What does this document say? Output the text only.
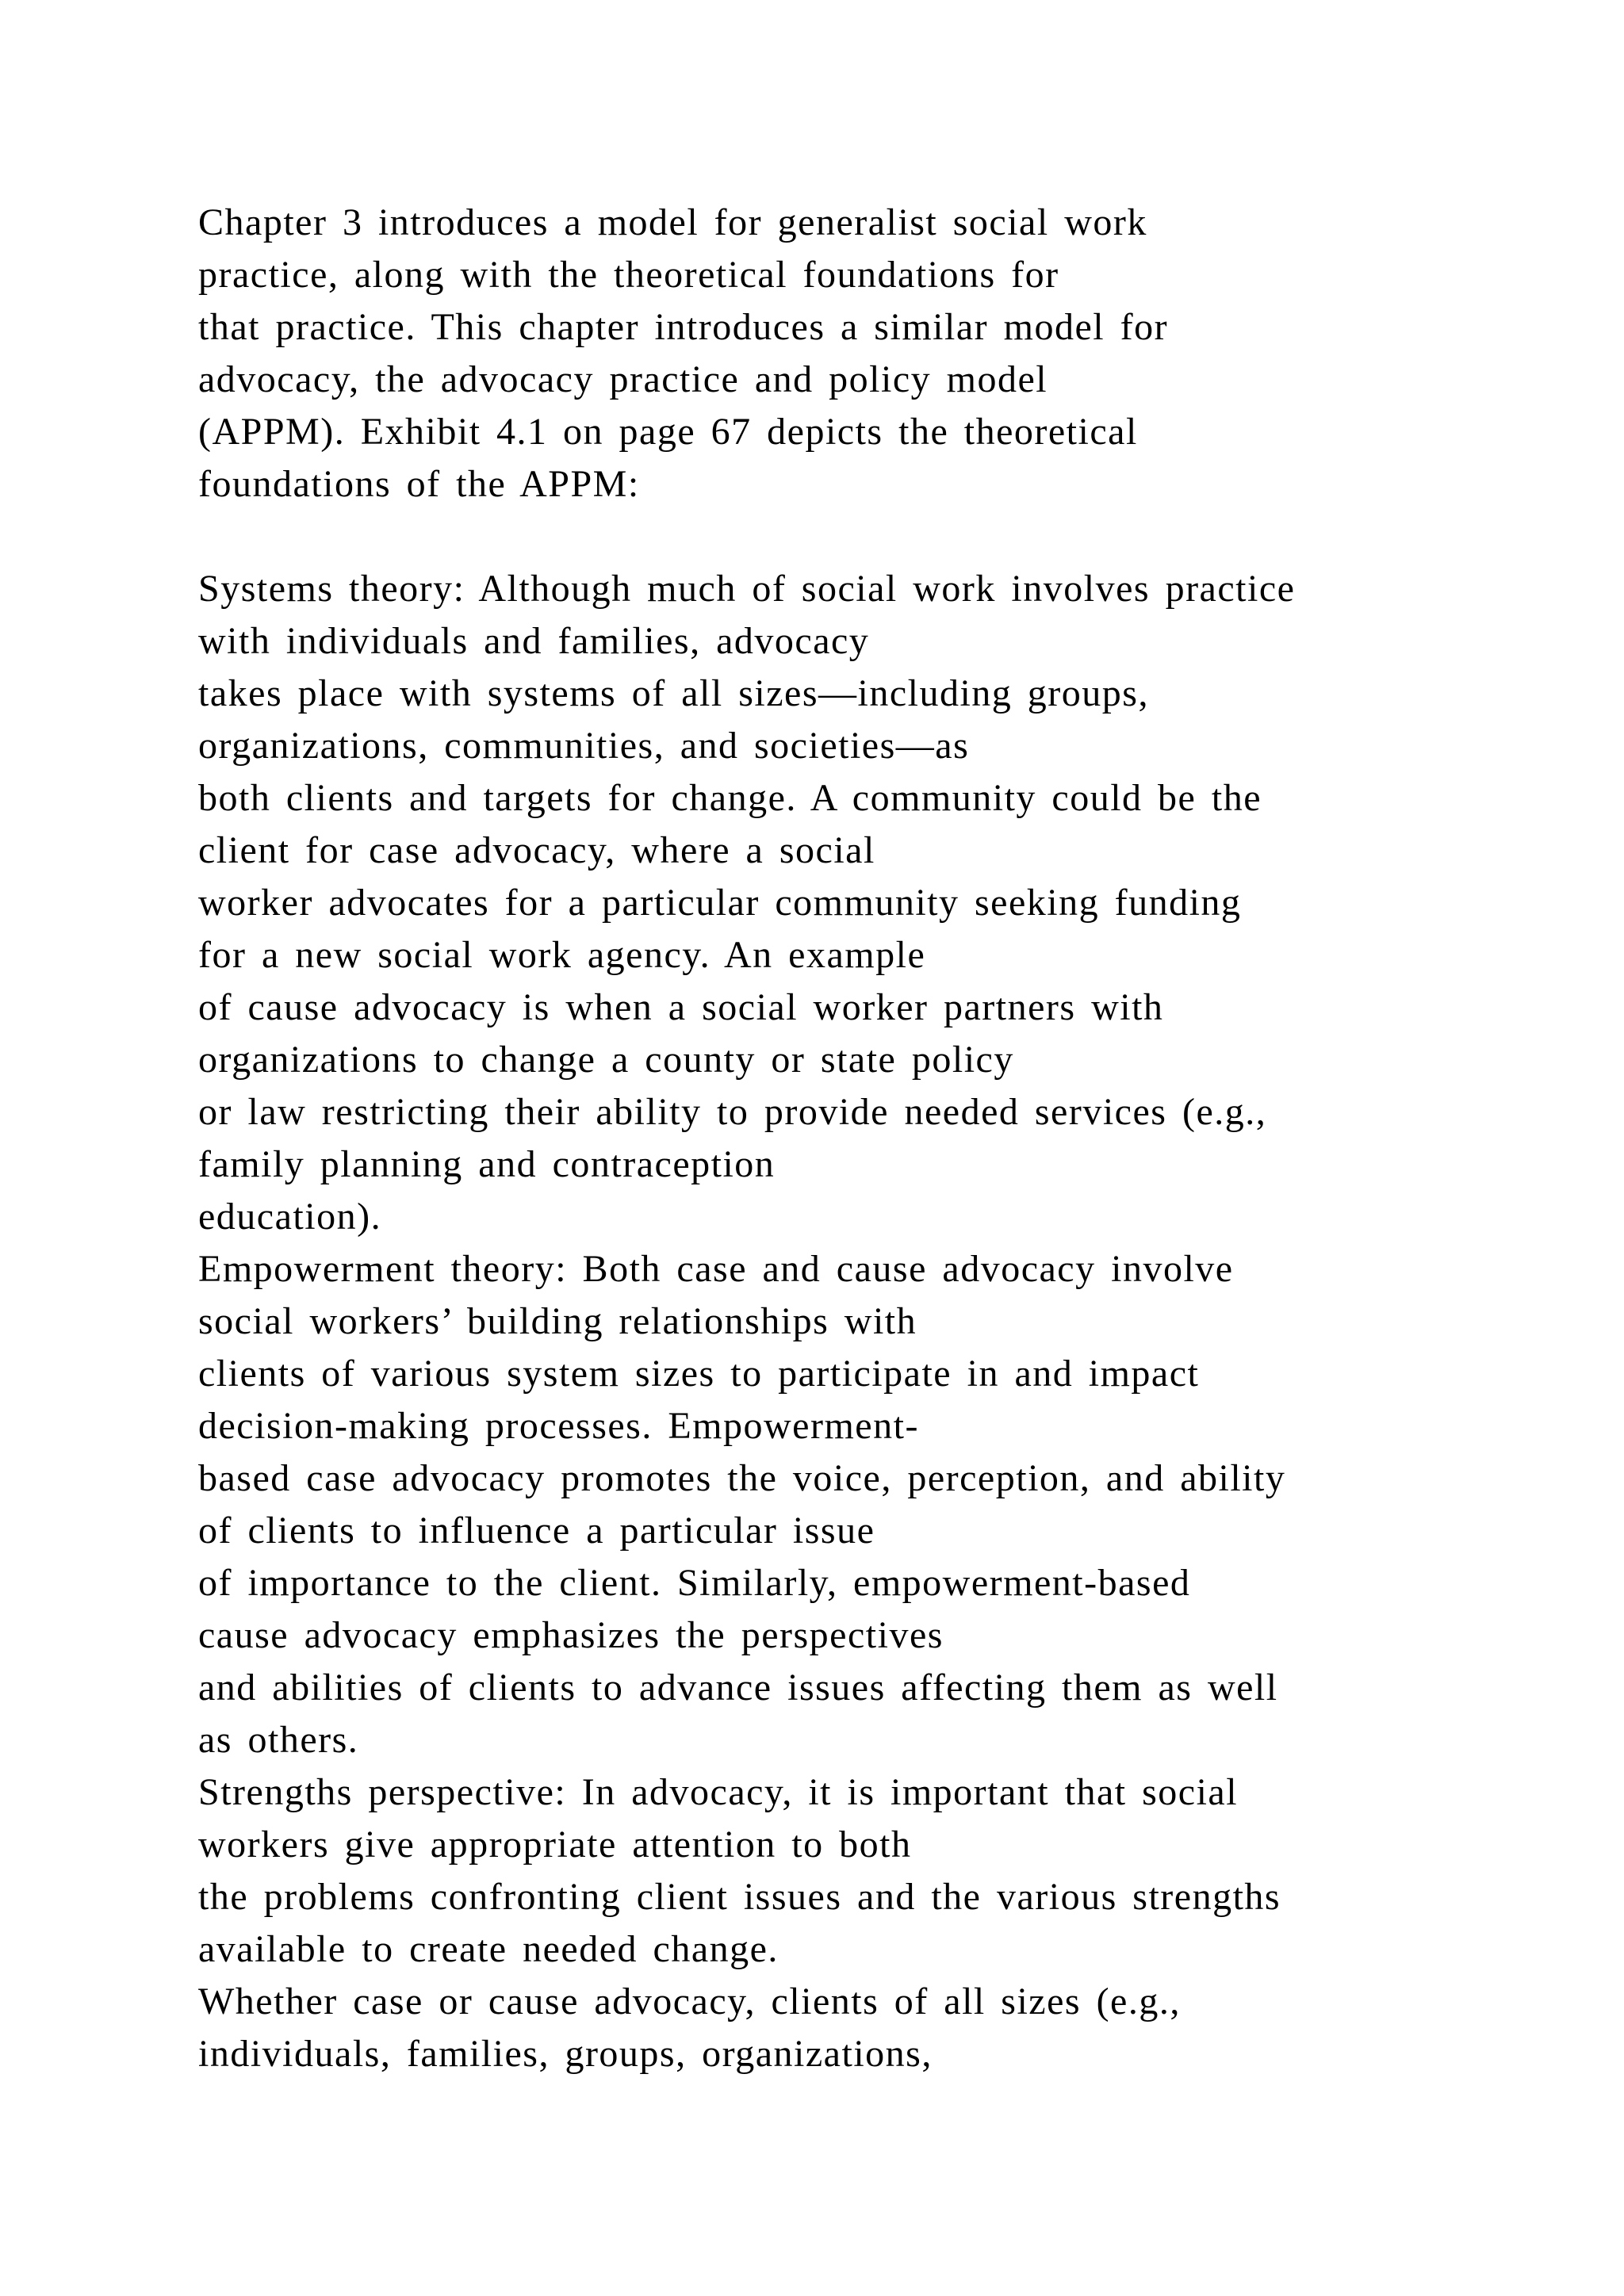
Chapter 3 introduces a model for generalist social work
practice, along with the theoretical foundations for
that practice. This chapter introduces a similar model for
advocacy, the advocacy practice and policy model
(APPM). Exhibit 4.1 on page 67 depicts the theoretical
foundations of the APPM:
Systems theory: Although much of social work involves practice
with individuals and families, advocacy
takes place with systems of all sizes—including groups,
organizations, communities, and societies—as
both clients and targets for change. A community could be the
client for case advocacy, where a social
worker advocates for a particular community seeking funding
for a new social work agency. An example
of cause advocacy is when a social worker partners with
organizations to change a county or state policy
or law restricting their ability to provide needed services (e.g.,
family planning and contraception
education).
Empowerment theory: Both case and cause advocacy involve
social workers’ building relationships with
clients of various system sizes to participate in and impact
decision-making processes. Empowerment-
based case advocacy promotes the voice, perception, and ability
of clients to influence a particular issue
of importance to the client. Similarly, empowerment-based
cause advocacy emphasizes the perspectives
and abilities of clients to advance issues affecting them as well
as others.
Strengths perspective: In advocacy, it is important that social
workers give appropriate attention to both
the problems confronting client issues and the various strengths
available to create needed change.
Whether case or cause advocacy, clients of all sizes (e.g.,
individuals, families, groups, organizations,
